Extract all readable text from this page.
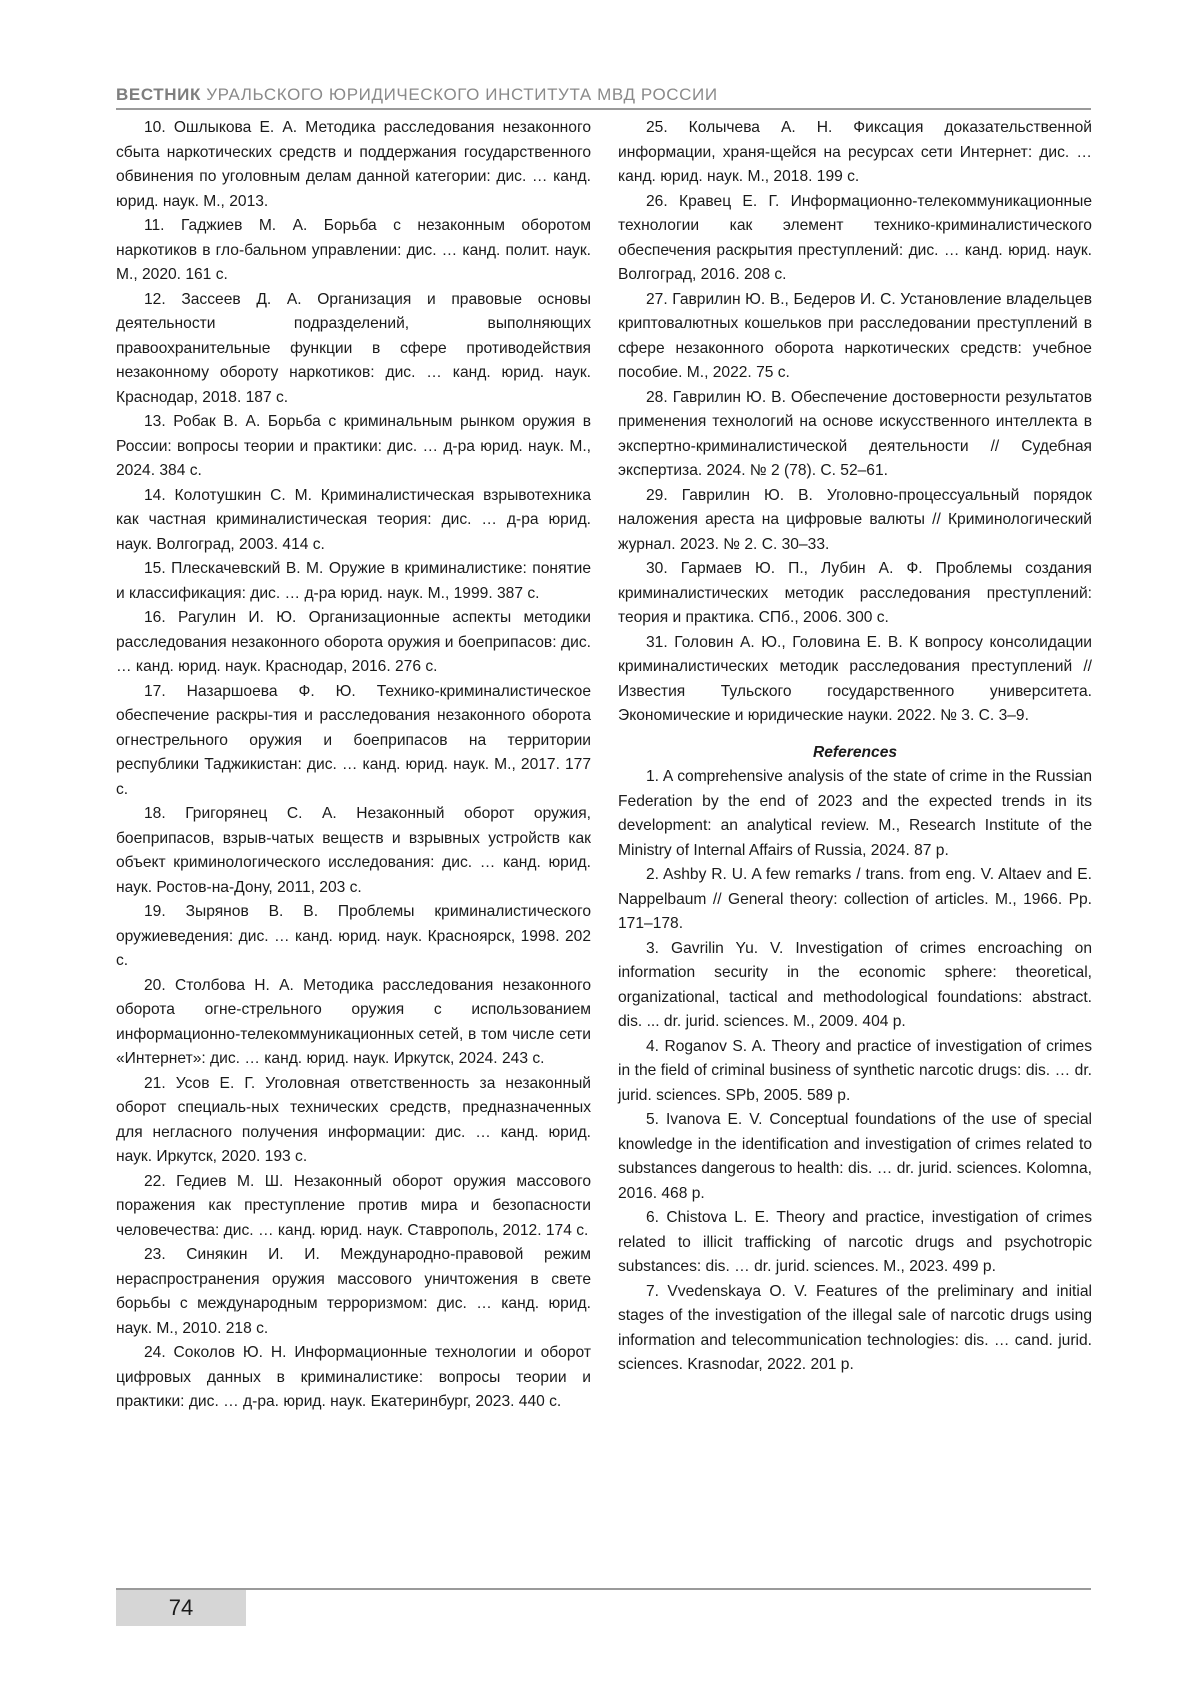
ВЕСТНИК УРАЛЬСКОГО ЮРИДИЧЕСКОГО ИНСТИТУТА МВД РОССИИ

10. Ошлыкова Е. А. Методика расследования незаконного сбыта наркотических средств и поддержания государственного обвинения по уголовным делам данной категории: дис. … канд. юрид. наук. М., 2013.

11. Гаджиев М. А. Борьба с незаконным оборотом наркотиков в гло-бальном управлении: дис. … канд. полит. наук. М., 2020. 161 с.

12. Зассеев Д. А. Организация и правовые основы деятельности подразделений, выполняющих правоохранительные функции в сфере противодействия незаконному обороту наркотиков: дис. … канд. юрид. наук. Краснодар, 2018. 187 с.

13. Робак В. А. Борьба с криминальным рынком оружия в России: вопросы теории и практики: дис. … д-ра юрид. наук. М., 2024. 384 с.

14. Колотушкин С. М. Криминалистическая взрывотехника как частная криминалистическая теория: дис. … д-ра юрид. наук. Волгоград, 2003. 414 с.

15. Плескачевский В. М. Оружие в криминалистике: понятие и классификация: дис. … д-ра юрид. наук. М., 1999. 387 с.

16. Рагулин И. Ю. Организационные аспекты методики расследования незаконного оборота оружия и боеприпасов: дис. … канд. юрид. наук. Краснодар, 2016. 276 с.

17. Назаршоева Ф. Ю. Технико-криминалистическое обеспечение раскры-тия и расследования незаконного оборота огнестрельного оружия и боеприпасов на территории республики Таджикистан: дис. … канд. юрид. наук. М., 2017. 177 с.

18. Григорянец С. А. Незаконный оборот оружия, боеприпасов, взрыв-чатых веществ и взрывных устройств как объект криминологического исследования: дис. … канд. юрид. наук. Ростов-на-Дону, 2011, 203 с.

19. Зырянов В. В. Проблемы криминалистического оружиеведения: дис. … канд. юрид. наук. Красноярск, 1998. 202 с.

20. Столбова Н. А. Методика расследования незаконного оборота огне-стрельного оружия с использованием информационно-телекоммуникационных сетей, в том числе сети «Интернет»: дис. … канд. юрид. наук. Иркутск, 2024. 243 с.

21. Усов Е. Г. Уголовная ответственность за незаконный оборот специаль-ных технических средств, предназначенных для негласного получения информации: дис. … канд. юрид. наук. Иркутск, 2020. 193 с.

22. Гедиев М. Ш. Незаконный оборот оружия массового поражения как преступление против мира и безопасности человечества: дис. … канд. юрид. наук. Ставрополь, 2012. 174 с.

23. Синякин И. И. Международно-правовой режим нераспространения оружия массового уничтожения в свете борьбы с международным терроризмом: дис. … канд. юрид. наук. М., 2010. 218 с.

24. Соколов Ю. Н. Информационные технологии и оборот цифровых данных в криминалистике: вопросы теории и практики: дис. … д-ра. юрид. наук. Екатеринбург, 2023. 440 с.

25. Колычева А. Н. Фиксация доказательственной информации, храня-щейся на ресурсах сети Интернет: дис. … канд. юрид. наук. М., 2018. 199 с.

26. Кравец Е. Г. Информационно-телекоммуникационные технологии как элемент технико-криминалистического обеспечения раскрытия преступлений: дис. … канд. юрид. наук. Волгоград, 2016. 208 с.

27. Гаврилин Ю. В., Бедеров И. С. Установление владельцев криптовалютных кошельков при расследовании преступлений в сфере незаконного оборота наркотических средств: учебное пособие. М., 2022. 75 с.

28. Гаврилин Ю. В. Обеспечение достоверности результатов применения технологий на основе искусственного интеллекта в экспертно-криминалистической деятельности // Судебная экспертиза. 2024. № 2 (78). С. 52–61.

29. Гаврилин Ю. В. Уголовно-процессуальный порядок наложения ареста на цифровые валюты // Криминологический журнал. 2023. № 2. С. 30–33.

30. Гармаев Ю. П., Лубин А. Ф. Проблемы создания криминалистических методик расследования преступлений: теория и практика. СПб., 2006. 300 с.

31. Головин А. Ю., Головина Е. В. К вопросу консолидации криминалистических методик расследования преступлений // Известия Тульского государственного университета. Экономические и юридические науки. 2022. № 3. С. 3–9.

References

1. A comprehensive analysis of the state of crime in the Russian Federation by the end of 2023 and the expected trends in its development: an analytical review. M., Research Institute of the Ministry of Internal Affairs of Russia, 2024. 87 p.

2. Ashby R. U. A few remarks / trans. from eng. V. Altaev and E. Nappelbaum // General theory: collection of articles. M., 1966. Pp. 171–178.

3. Gavrilin Yu. V. Investigation of crimes encroaching on information security in the economic sphere: theoretical, organizational, tactical and methodological foundations: abstract. dis. ... dr. jurid. sciences. M., 2009. 404 p.

4. Roganov S. A. Theory and practice of investigation of crimes in the field of criminal business of synthetic narcotic drugs: dis. … dr. jurid. sciences. SPb, 2005. 589 p.

5. Ivanova E. V. Conceptual foundations of the use of special knowledge in the identification and investigation of crimes related to substances dangerous to health: dis. … dr. jurid. sciences. Kolomna, 2016. 468 p.

6. Chistova L. E. Theory and practice, investigation of crimes related to illicit trafficking of narcotic drugs and psychotropic substances: dis. … dr. jurid. sciences. M., 2023. 499 p.

7. Vvedenskaya O. V. Features of the preliminary and initial stages of the investigation of the illegal sale of narcotic drugs using information and telecommunication technologies: dis. … cand. jurid. sciences. Krasnodar, 2022. 201 p.

74
